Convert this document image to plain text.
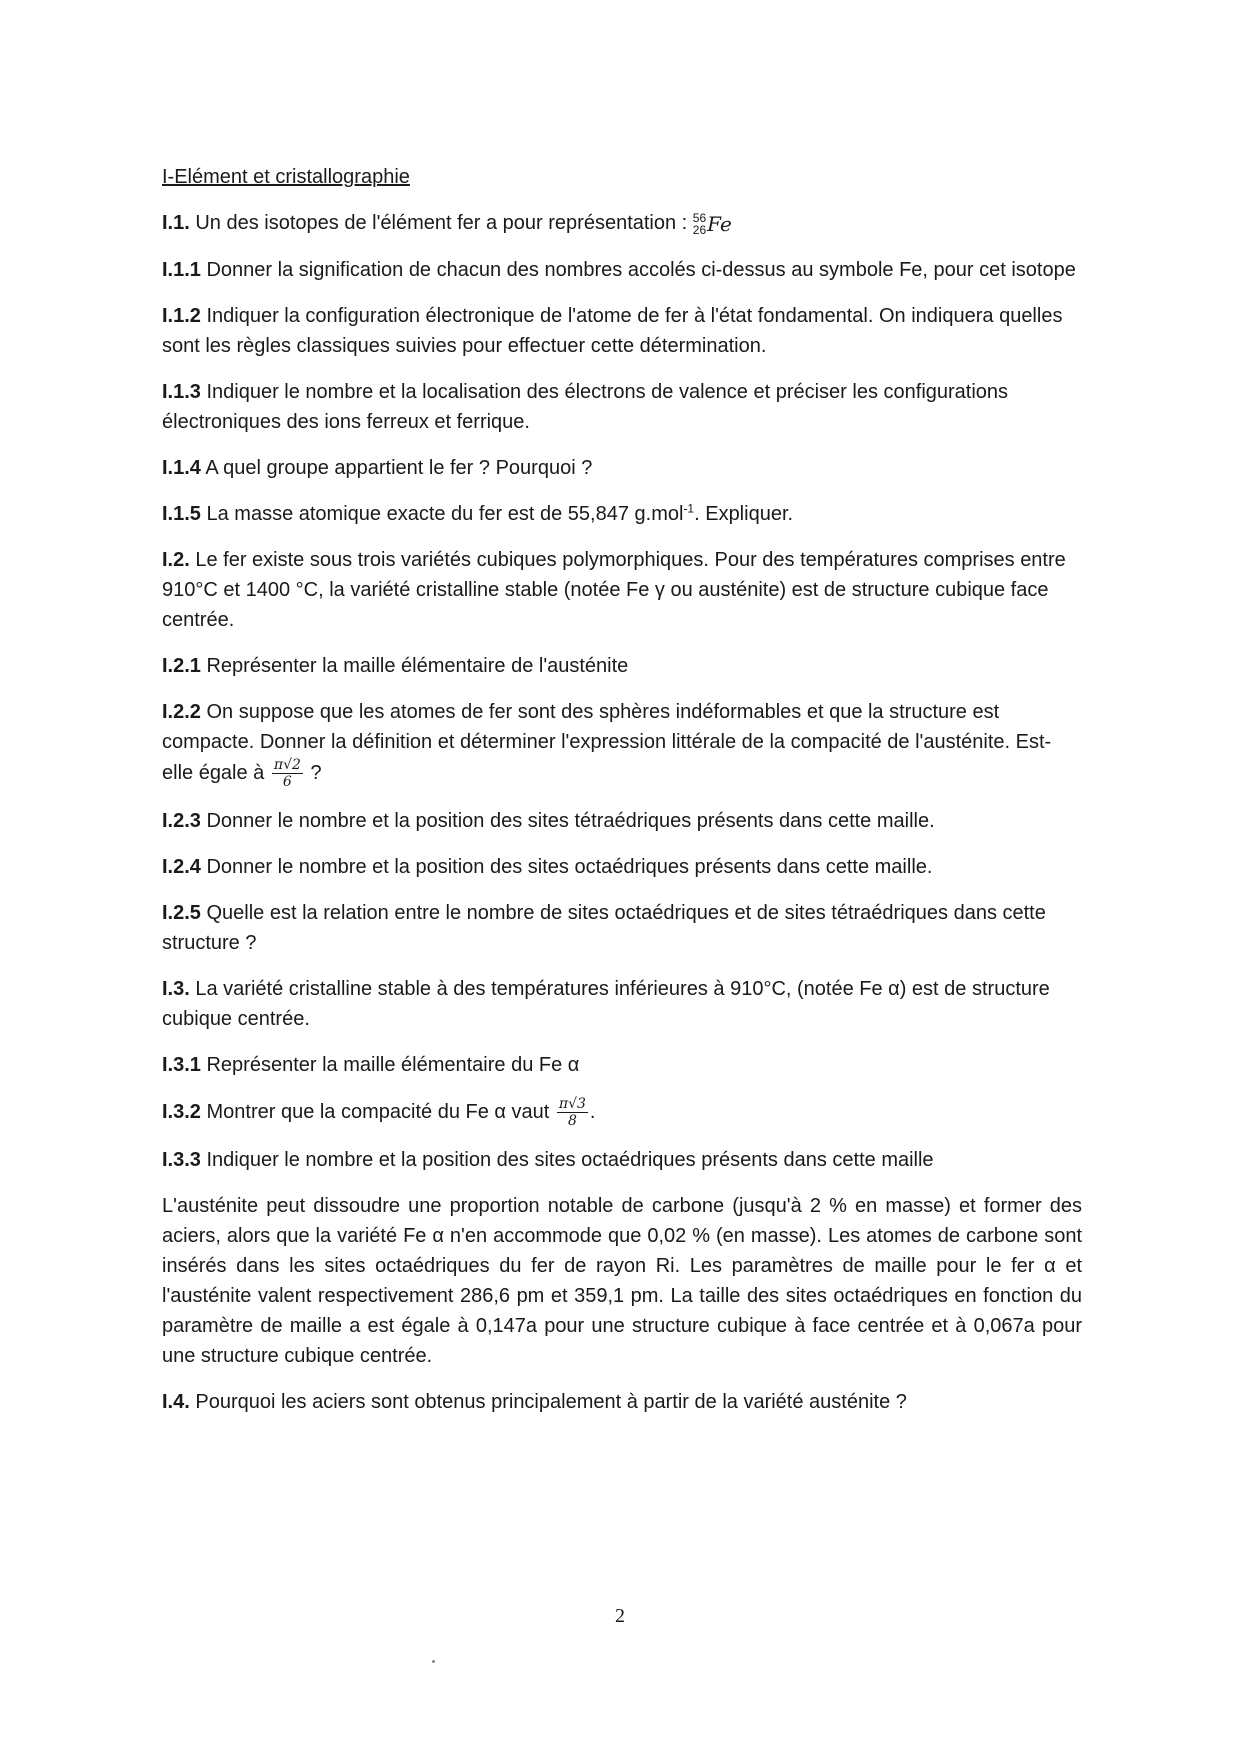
I-Elément et cristallographie

I.1. Un des isotopes de l'élément fer a pour représentation : 56
26 Fe

I.1.1 Donner la signification de chacun des nombres accolés ci-dessus au symbole Fe, pour cet isotope

I.1.2 Indiquer la configuration électronique de l'atome de fer à l'état fondamental. On indiquera quelles sont les règles classiques suivies pour effectuer cette détermination.

I.1.3 Indiquer le nombre et la localisation des électrons de valence et préciser les configurations électroniques des ions ferreux et ferrique.

I.1.4 A quel groupe appartient le fer ? Pourquoi ?

I.1.5 La masse atomique exacte du fer est de 55,847 g.mol$^{-1}$. Expliquer.

I.2. Le fer existe sous trois variétés cubiques polymorphiques. Pour des températures comprises entre 910°C et 1400 °C, la variété cristalline stable (notée Fe γ ou austénite) est de structure cubique face centrée.

I.2.1 Représenter la maille élémentaire de l'austénite

I.2.2 On suppose que les atomes de fer sont des sphères indéformables et que la structure est compacte. Donner la définition et déterminer l'expression littérale de la compacité de l'austénite. Est-elle égale à $\frac{\pi√2}{6}$ ?

I.2.3 Donner le nombre et la position des sites tétraédriques présents dans cette maille.

I.2.4 Donner le nombre et la position des sites octaédriques présents dans cette maille.

I.2.5 Quelle est la relation entre le nombre de sites octaédriques et de sites tétraédriques dans cette structure ?

I.3. La variété cristalline stable à des températures inférieures à 910°C, (notée Fe α) est de structure cubique centrée.

I.3.1 Représenter la maille élémentaire du Fe α

I.3.2 Montrer que la compacité du Fe α vaut $\frac{\pi√3}{8}$ .

I.3.3 Indiquer le nombre et la position des sites octaédriques présents dans cette maille

L'austénite peut dissoudre une proportion notable de carbone (jusqu'à 2 % en masse) et former des aciers, alors que la variété Fe α n'en accommode que 0,02 % (en masse). Les atomes de carbone sont insérés dans les sites octaédriques du fer de rayon Ri. Les paramètres de maille pour le fer α et l'austénite valent respectivement 286,6 pm et 359,1 pm. La taille des sites octaédriques en fonction du paramètre de maille a est égale à 0,147a pour une structure cubique à face centrée et à 0,067a pour une structure cubique centrée.

I.4. Pourquoi les aciers sont obtenus principalement à partir de la variété austénite ?

2
